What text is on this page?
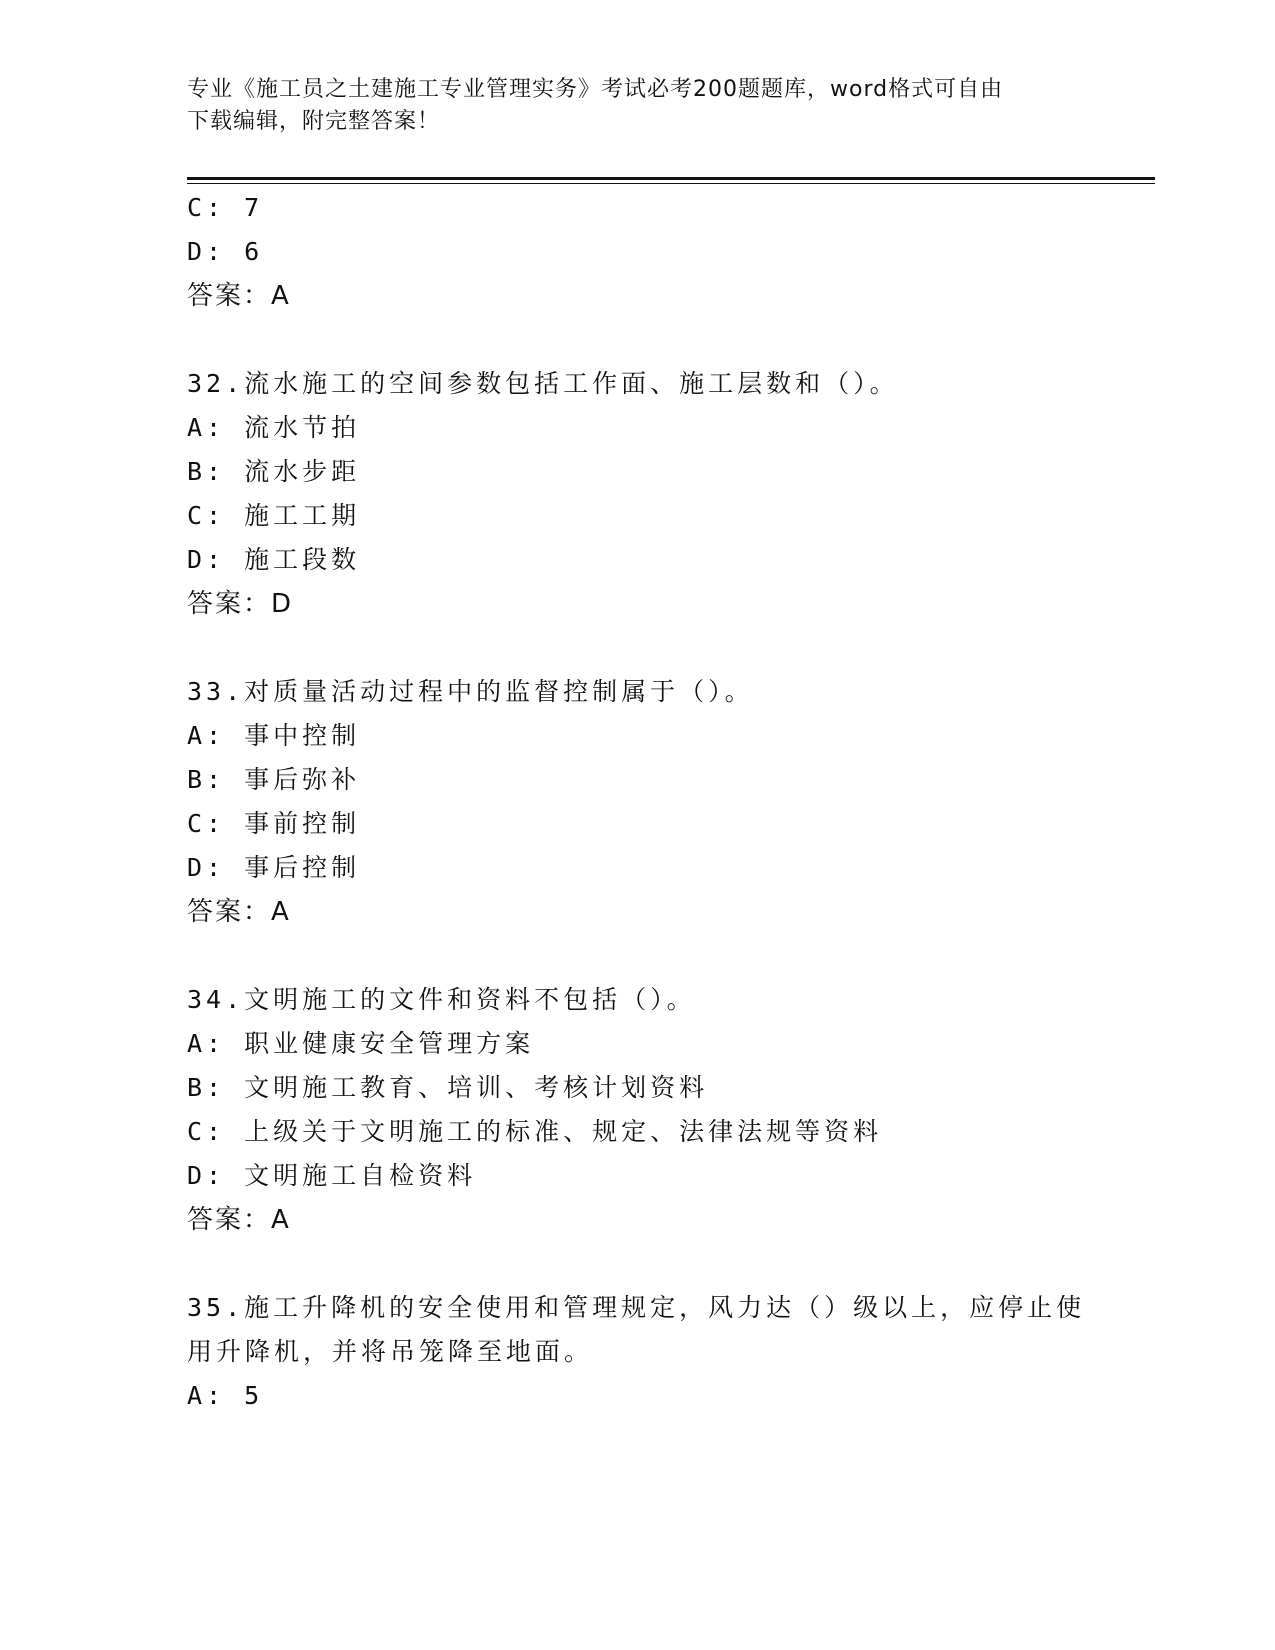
专业《施工员之土建施工专业管理实务》考试必考200题题库，word格式可自由
下载编辑，附完整答案！
C: 7
D: 6
答案：A
32.流水施工的空间参数包括工作面、施工层数和（）。
A: 流水节拍
B: 流水步距
C: 施工工期
D: 施工段数
答案：D
33.对质量活动过程中的监督控制属于（）。
A: 事中控制
B: 事后弥补
C: 事前控制
D: 事后控制
答案：A
34.文明施工的文件和资料不包括（）。
A: 职业健康安全管理方案
B: 文明施工教育、培训、考核计划资料
C: 上级关于文明施工的标准、规定、法律法规等资料
D: 文明施工自检资料
答案：A
35.施工升降机的安全使用和管理规定，风力达（）级以上，应停止使
用升降机，并将吊笼降至地面。
A: 5
